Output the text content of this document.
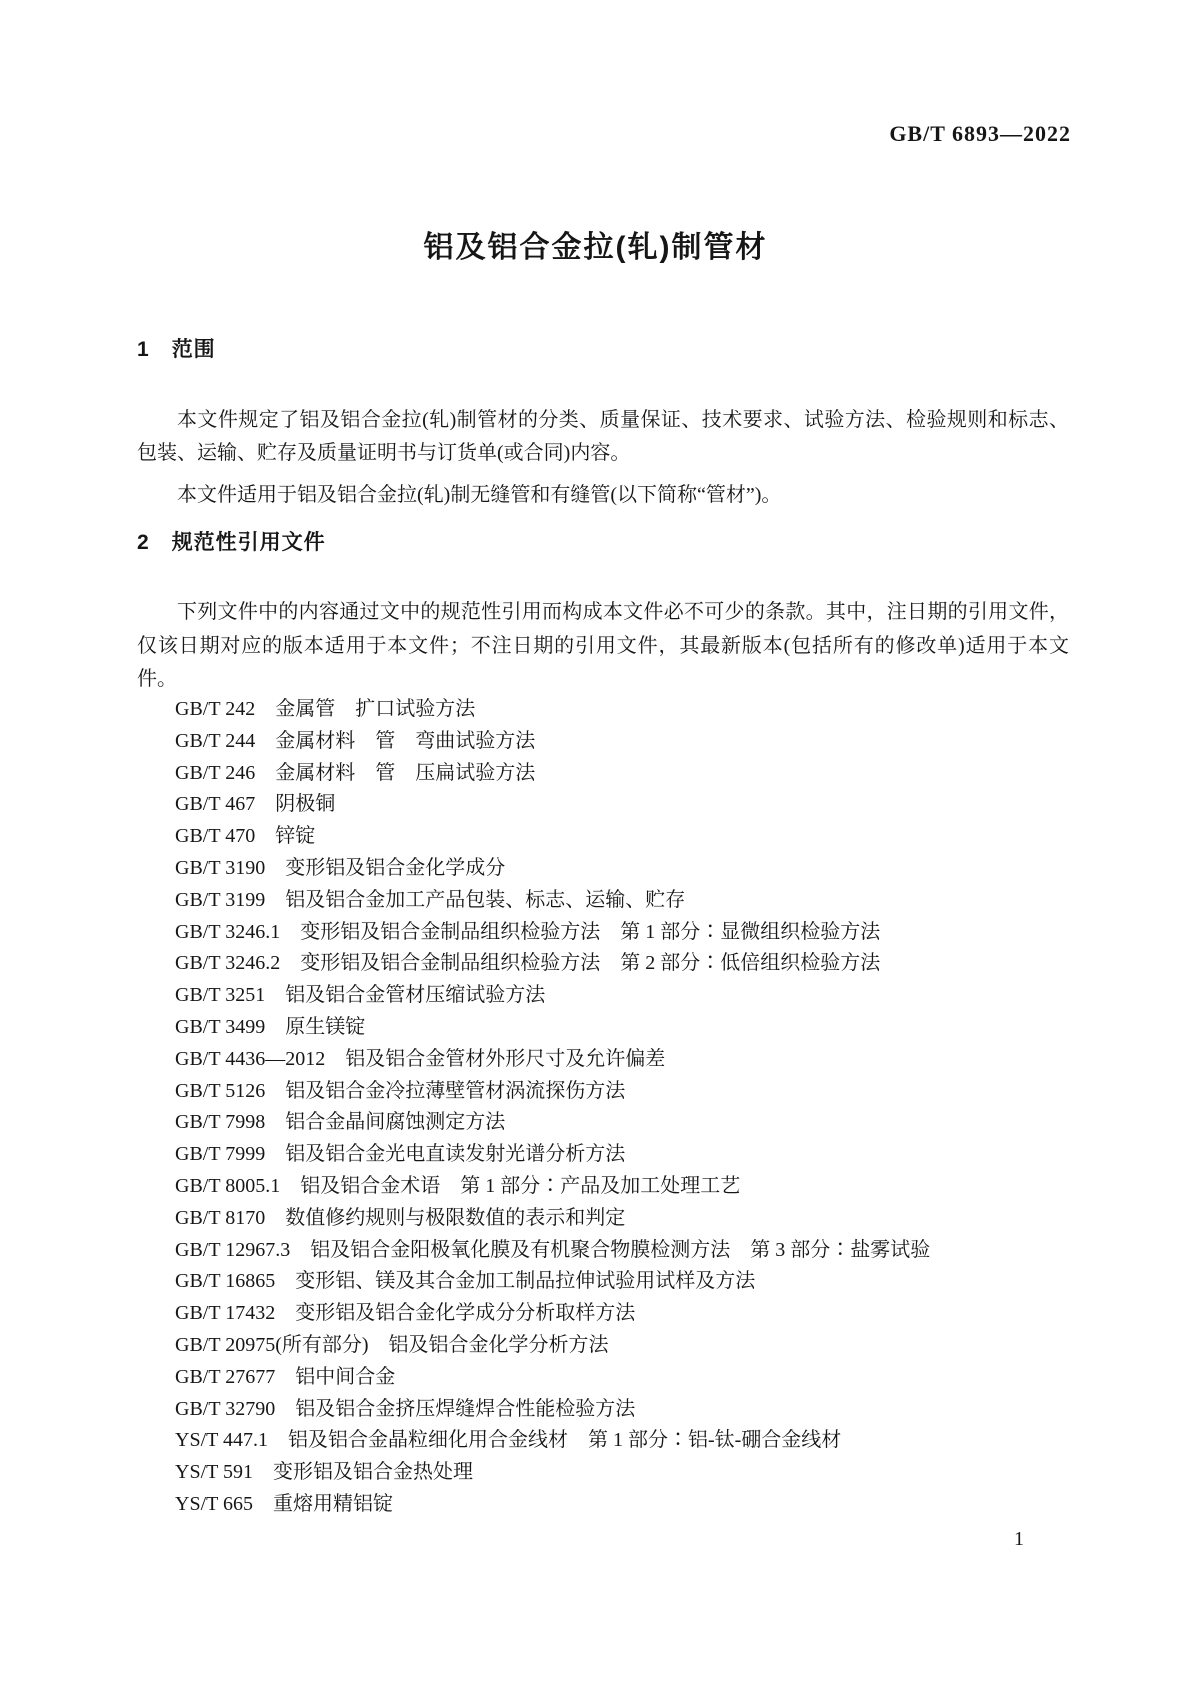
GB/T 6893—2022
铝及铝合金拉(轧)制管材
1 范围

本文件规定了铝及铝合金拉(轧)制管材的分类、质量保证、技术要求、试验方法、检验规则和标志、包装、运输、贮存及质量证明书与订货单(或合同)内容。

本文件适用于铝及铝合金拉(轧)制无缝管和有缝管(以下简称“管材”)。

2 规范性引用文件

下列文件中的内容通过文中的规范性引用而构成本文件必不可少的条款。其中，注日期的引用文件，仅该日期对应的版本适用于本文件；不注日期的引用文件，其最新版本(包括所有的修改单)适用于本文件。

GB/T 242　金属管　扩口试验方法
GB/T 244　金属材料　管　弯曲试验方法
GB/T 246　金属材料　管　压扁试验方法
GB/T 467　阴极铜
GB/T 470　锌锭
GB/T 3190　变形铝及铝合金化学成分
GB/T 3199　铝及铝合金加工产品包装、标志、运输、贮存
GB/T 3246.1　变形铝及铝合金制品组织检验方法　第 1 部分∶显微组织检验方法
GB/T 3246.2　变形铝及铝合金制品组织检验方法　第 2 部分∶低倍组织检验方法
GB/T 3251　铝及铝合金管材压缩试验方法
GB/T 3499　原生镁锭
GB/T 4436—2012　铝及铝合金管材外形尺寸及允许偏差
GB/T 5126　铝及铝合金冷拉薄壁管材涡流探伤方法
GB/T 7998　铝合金晶间腐蚀测定方法
GB/T 7999　铝及铝合金光电直读发射光谱分析方法
GB/T 8005.1　铝及铝合金术语　第 1 部分∶产品及加工处理工艺
GB/T 8170　数值修约规则与极限数值的表示和判定
GB/T 12967.3　铝及铝合金阳极氧化膜及有机聚合物膜检测方法　第 3 部分∶盐雾试验
GB/T 16865　变形铝、镁及其合金加工制品拉伸试验用试样及方法
GB/T 17432　变形铝及铝合金化学成分分析取样方法
GB/T 20975(所有部分)　铝及铝合金化学分析方法
GB/T 27677　铝中间合金
GB/T 32790　铝及铝合金挤压焊缝焊合性能检验方法
YS/T 447.1　铝及铝合金晶粒细化用合金线材　第 1 部分∶铝-钛-硼合金线材
YS/T 591　变形铝及铝合金热处理
YS/T 665　重熔用精铝锭
1
